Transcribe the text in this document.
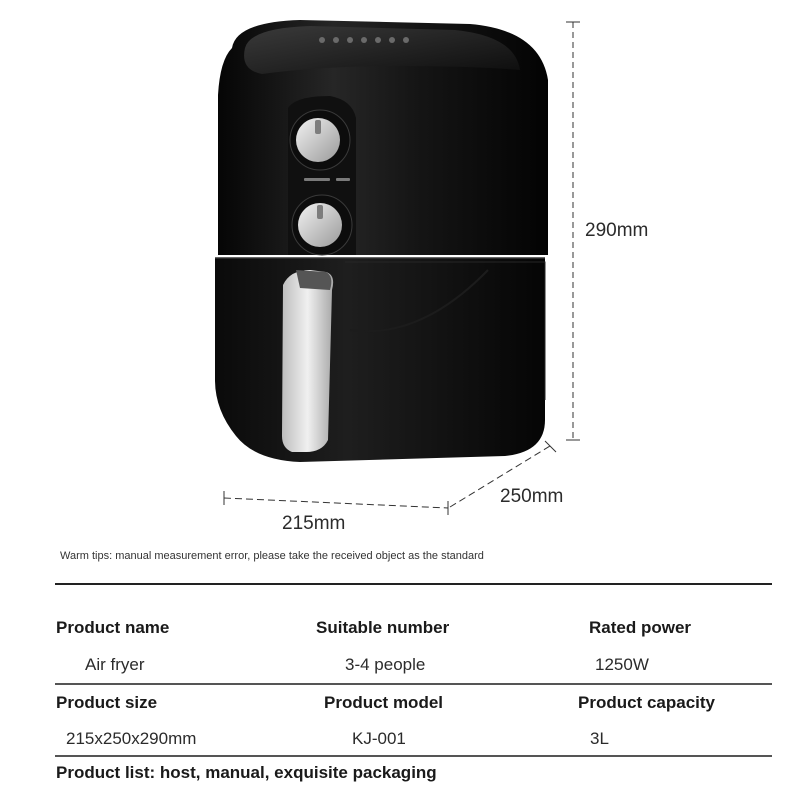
290mm
250mm
215mm
Warm tips: manual measurement error, please take the received object as the standard
Product name	Suitable number	Rated power
Air fryer	3-4 people	1250W
Product size	Product model	Product capacity
215x250x290mm	KJ-001	3L
Product list: host, manual, exquisite packaging
